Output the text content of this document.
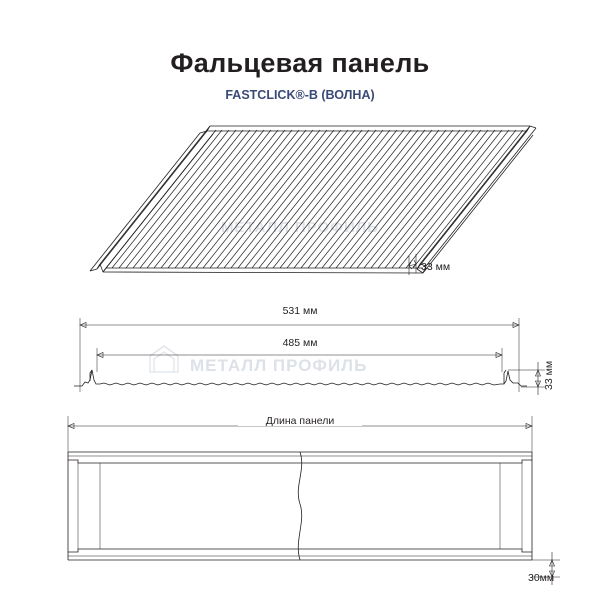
Фальцевая панель
FASTCLICK®-B (ВОЛНА)
МЕТАЛЛ ПРОФИЛЬ
МЕТАЛЛ ПРОФИЛЬ
33 мм
531 мм
485 мм
33 мм
Длина панели
30мм
